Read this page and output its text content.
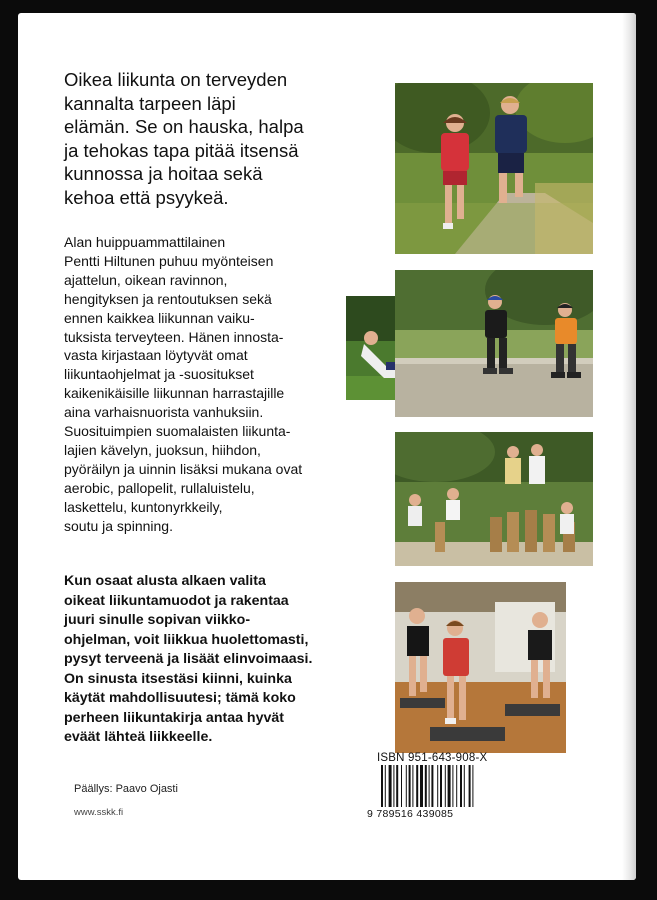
Oikea liikunta on terveyden
kannalta tarpeen läpi
elämän. Se on hauska, halpa
ja tehokas tapa pitää itsensä
kunnossa ja hoitaa sekä
kehoa että psyykeä.
Alan huippuammattilainen
Pentti Hiltunen puhuu myönteisen
ajattelun, oikean ravinnon,
hengityksen ja rentoutuksen sekä
ennen kaikkea liikunnan vaiku-
tuksista terveyteen. Hänen innosta-
vasta kirjastaan löytyvät omat
liikuntaohjelmat ja -suositukset
kaikenikäisille liikunnan harrastajille
aina varhaisnuorista vanhuksiin.
Suosituimpien suomalaisten liikunta-
lajien kävelyn, juoksun, hiihdon,
pyöräilyn ja uinnin lisäksi mukana ovat
aerobic, pallopelit, rullaluistelu,
laskettelu, kuntonyrkkeily,
soutu ja spinning.
Kun osaat alusta alkaen valita
oikeat liikuntamuodot ja rakentaa
juuri sinulle sopivan viikko-
ohjelman, voit liikkua huolettomasti,
pysyt terveenä ja lisäät elinvoimaasi.
On sinusta itsestäsi kiinni, kuinka
käytät mahdollisuutesi; tämä koko
perheen liikuntakirja antaa hyvät
eväät lähteä liikkeelle.
Päällys: Paavo Ojasti
www.sskk.fi
ISBN 951-643-908-X
9 789516 439085
